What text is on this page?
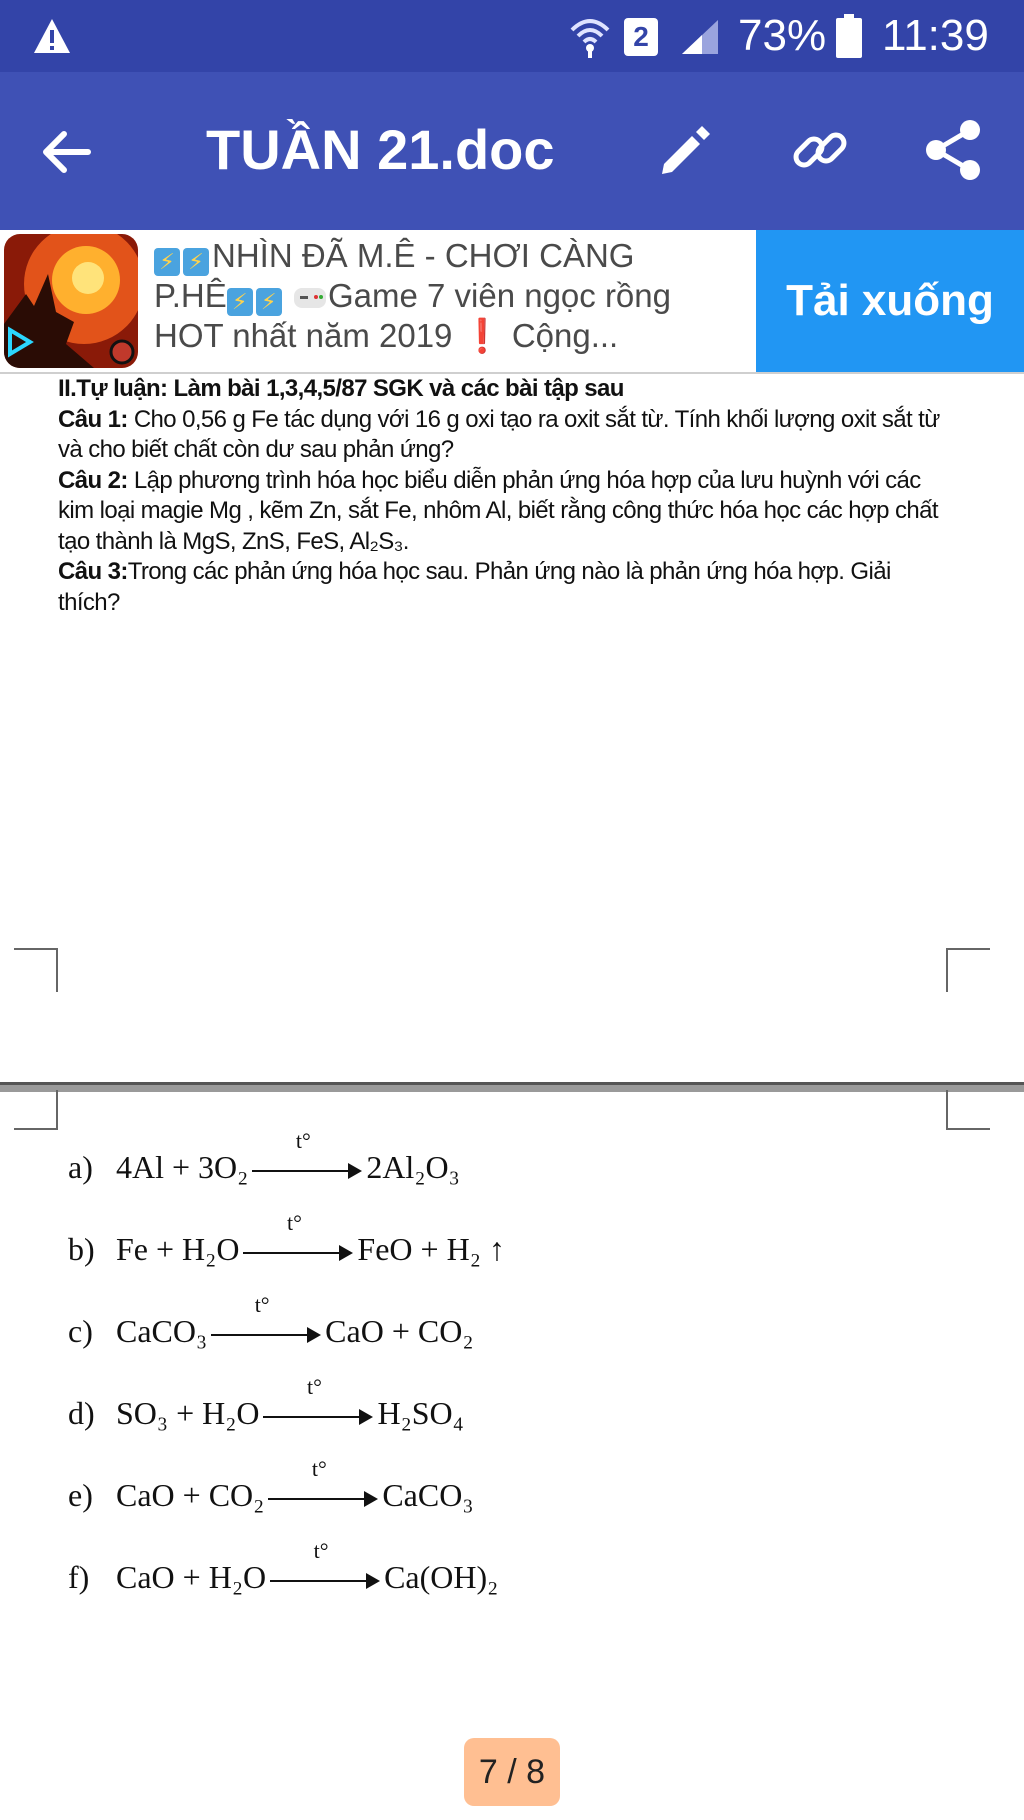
2 73% 11:39
TUẦN 21.doc
⚡ ⚡ NHÌN ĐÃ M.Ê - CHƠI CÀNG
P.HÊ ⚡ ⚡ Game 7 viên ngọc rồng
HOT nhất năm 2019 ❗ Cộng...
Tải xuống

II.Tự luận: Làm bài 1,3,4,5/87 SGK và các bài tập sau

Câu 1: Cho 0,56 g Fe tác dụng với 16 g oxi tạo ra oxit sắt từ. Tính khối lượng oxit sắt từ và cho biết chất còn dư sau phản ứng?

Câu 2: Lập phương trình hóa học biểu diễn phản ứng hóa hợp của lưu huỳnh với các kim loại magie Mg , kẽm Zn, sắt Fe, nhôm Al, biết rằng công thức hóa học các hợp chất tạo thành là MgS, ZnS, FeS, Al₂S₃.

Câu 3:Trong các phản ứng hóa học sau. Phản ứng nào là phản ứng hóa hợp. Giải thích?

a) 4Al + 3O₂
t°
2Al₂O₃
b) Fe + H₂O
t°
FeO + H₂ ↑
c) CaCO₃
t°
CaO + CO₂
d) SO₃ + H₂O
t°
H₂SO₄
e) CaO + CO₂
t°
CaCO₃
f) CaO + H₂O
t°
Ca(OH)₂
7 / 8
